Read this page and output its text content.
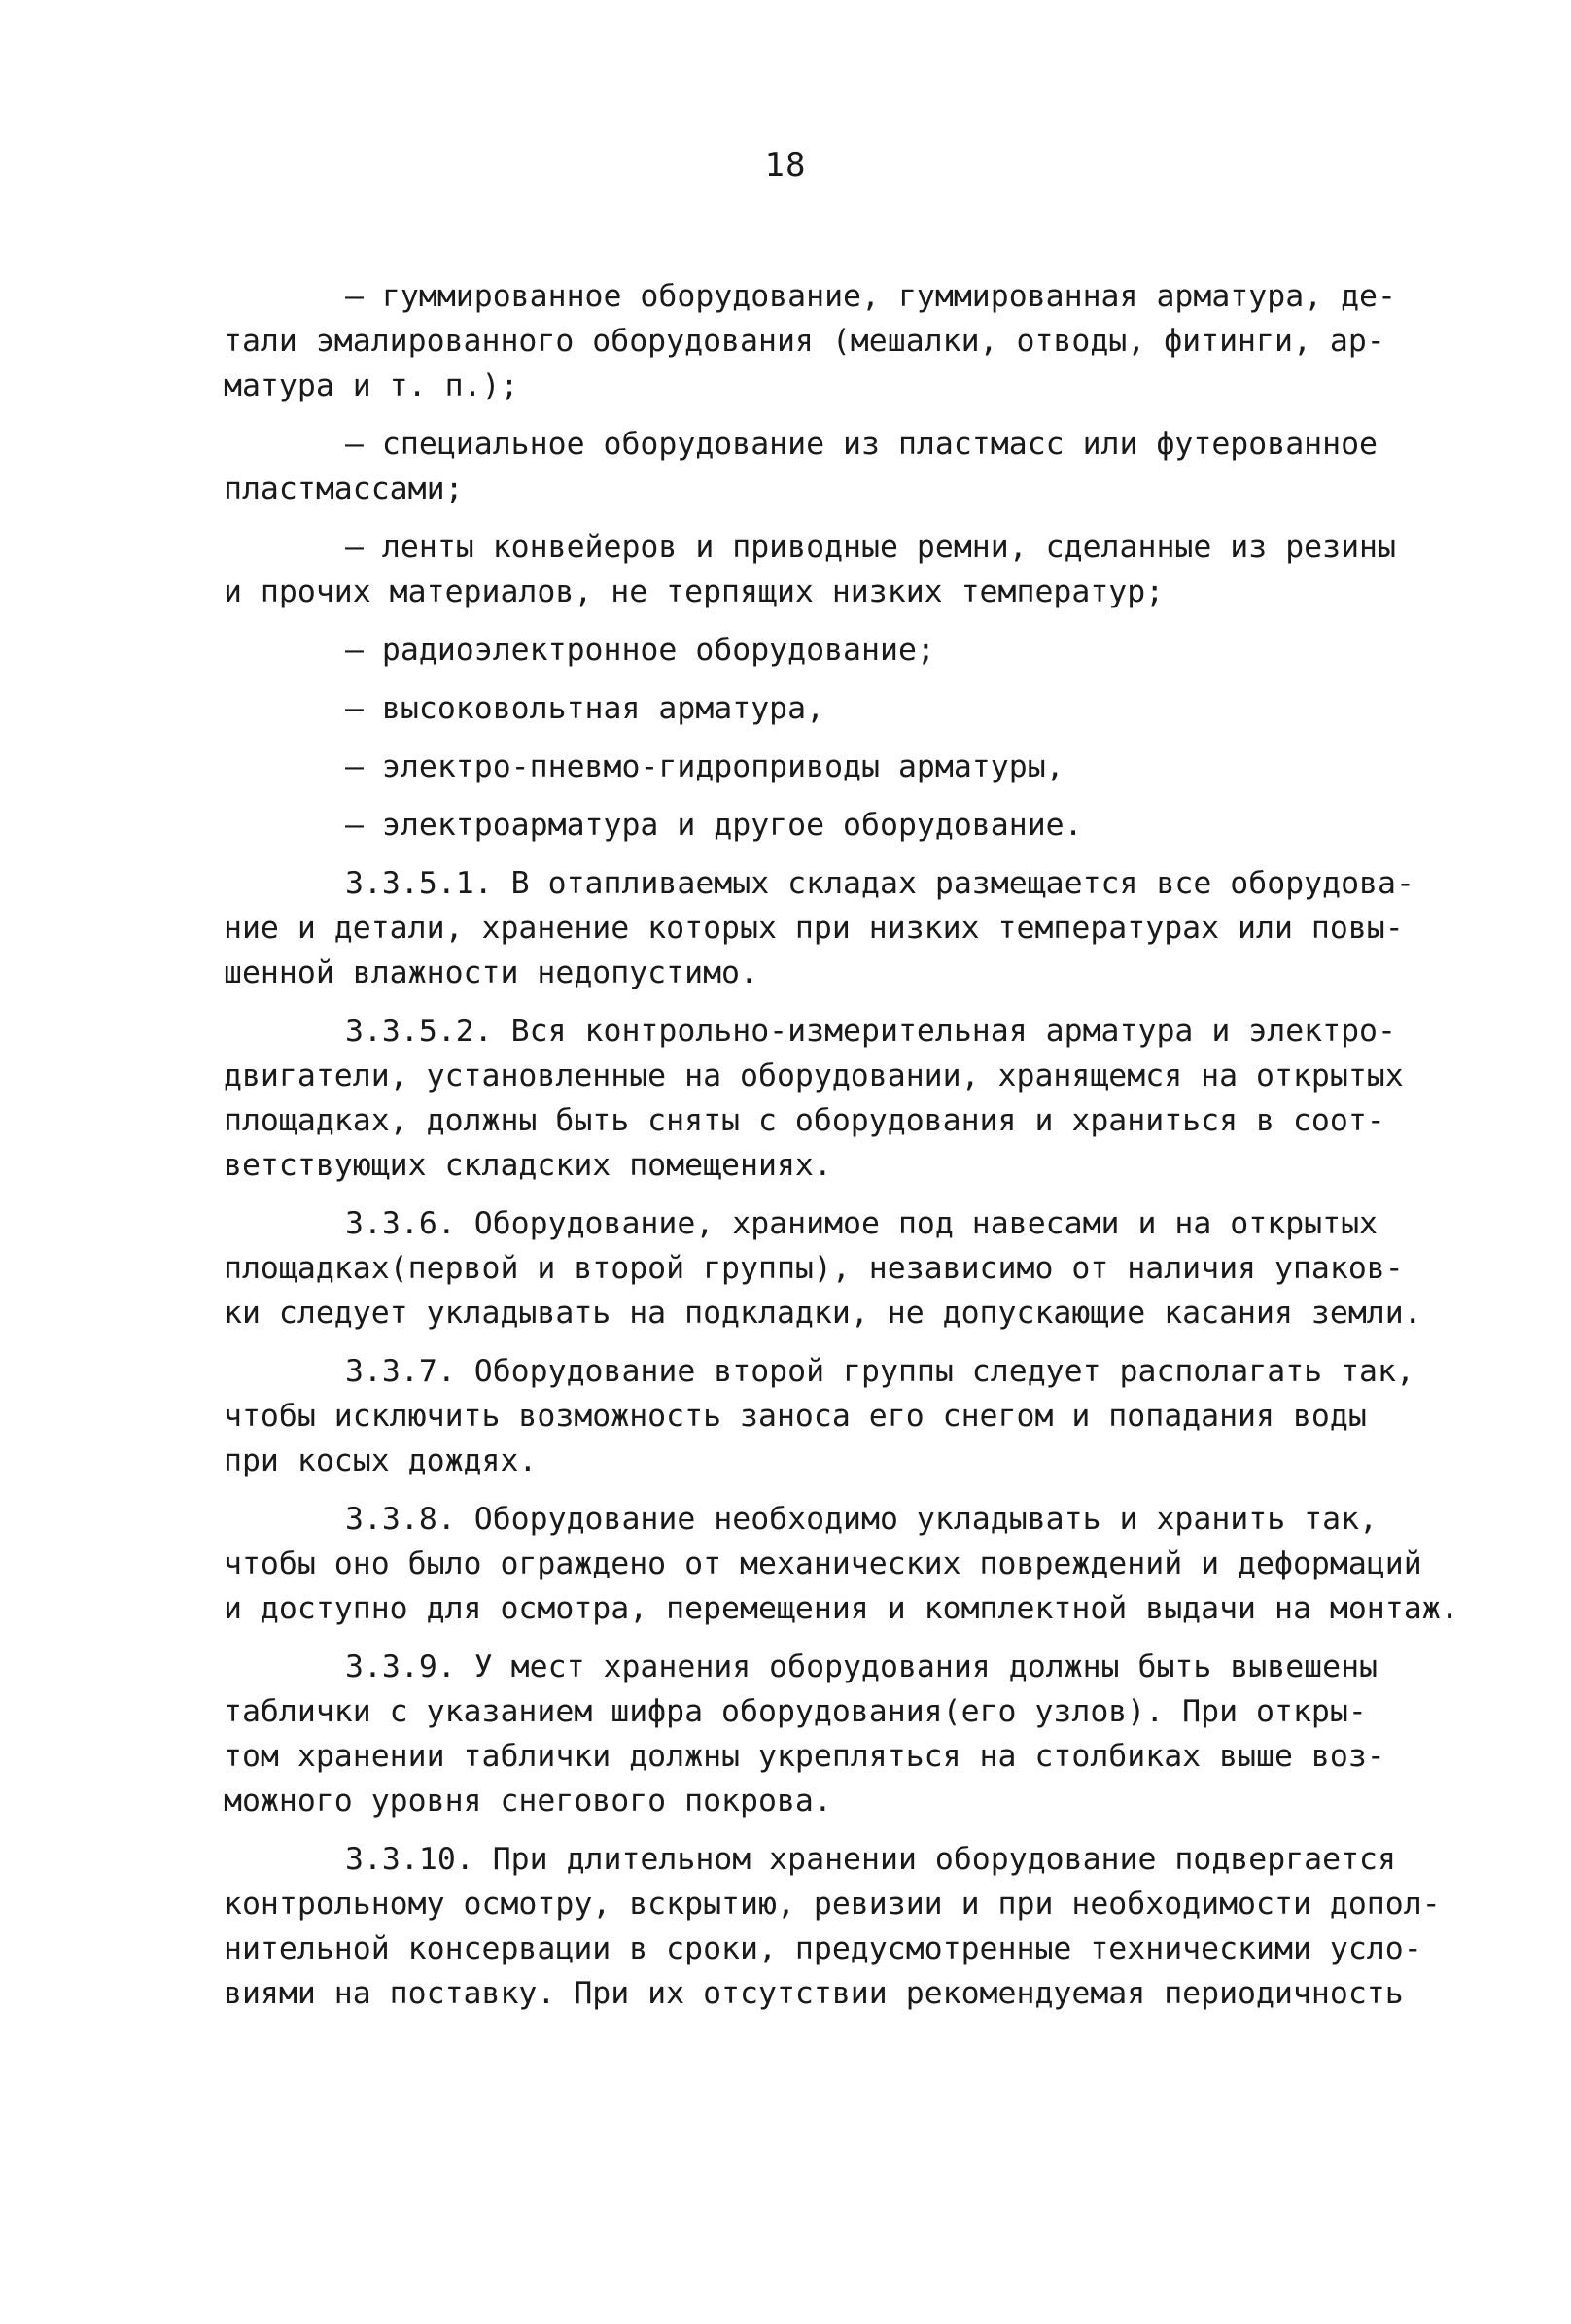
18
– гуммированное оборудование, гуммированная арматура, де-
тали эмалированного оборудования (мешалки, отводы, фитинги, ар-
матура и т. п.);
– специальное оборудование из пластмасс или футерованное
пластмассами;
– ленты конвейеров и приводные ремни, сделанные из резины
и прочих материалов, не терпящих низких температур;
– радиоэлектронное оборудование;
– высоковольтная арматура,
– электро-пневмо-гидроприводы арматуры,
– электроарматура и другое оборудование.
3.3.5.1. В отапливаемых складах размещается все оборудова-
ние и детали, хранение которых при низких температурах или повы-
шенной влажности недопустимо.
3.3.5.2. Вся контрольно-измерительная арматура и электро-
двигатели, установленные на оборудовании, хранящемся на открытых
площадках, должны быть сняты с оборудования и храниться в соот-
ветствующих складских помещениях.
3.3.6. Оборудование, хранимое под навесами и на открытых
площадках(первой и второй группы), независимо от наличия упаков-
ки следует укладывать на подкладки, не допускающие касания земли.
3.3.7. Оборудование второй группы следует располагать так,
чтобы исключить возможность заноса его снегом и попадания воды
при косых дождях.
3.3.8. Оборудование необходимо укладывать и хранить так,
чтобы оно было ограждено от механических повреждений и деформаций
и доступно для осмотра, перемещения и комплектной выдачи на монтаж.
3.3.9. У мест хранения оборудования должны быть вывешены
таблички с указанием шифра оборудования(его узлов). При откры-
том хранении таблички должны укрепляться на столбиках выше воз-
можного уровня снегового покрова.
3.3.10. При длительном хранении оборудование подвергается
контрольному осмотру, вскрытию, ревизии и при необходимости допол-
нительной консервации в сроки, предусмотренные техническими усло-
виями на поставку. При их отсутствии рекомендуемая периодичность
